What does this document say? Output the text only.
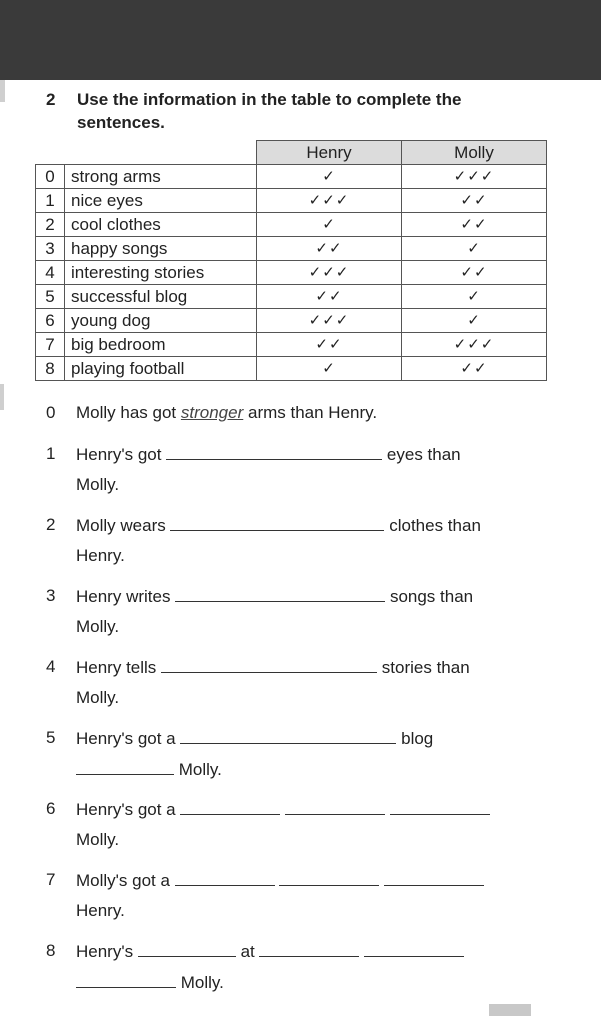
2 Use the information in the table to complete the sentences.
		Henry	Molly
0	strong arms	✓	✓✓✓
1	nice eyes	✓✓✓	✓✓
2	cool clothes	✓	✓✓
3	happy songs	✓✓	✓
4	interesting stories	✓✓✓	✓✓
5	successful blog	✓✓	✓
6	young dog	✓✓✓	✓
7	big bedroom	✓✓	✓✓✓
8	playing football	✓	✓✓
0 Molly has got stronger arms than Henry.
1 Henry's got	eyes than
Molly.
2 Molly wears	clothes than
Henry.
3 Henry writes	songs than
Molly.
4 Henry tells	stories than
Molly.
5 Henry's got a	blog
Molly.
6 Henry's got a
Molly.
7 Molly's got a
Henry.
8 Henry's	at
Molly.
